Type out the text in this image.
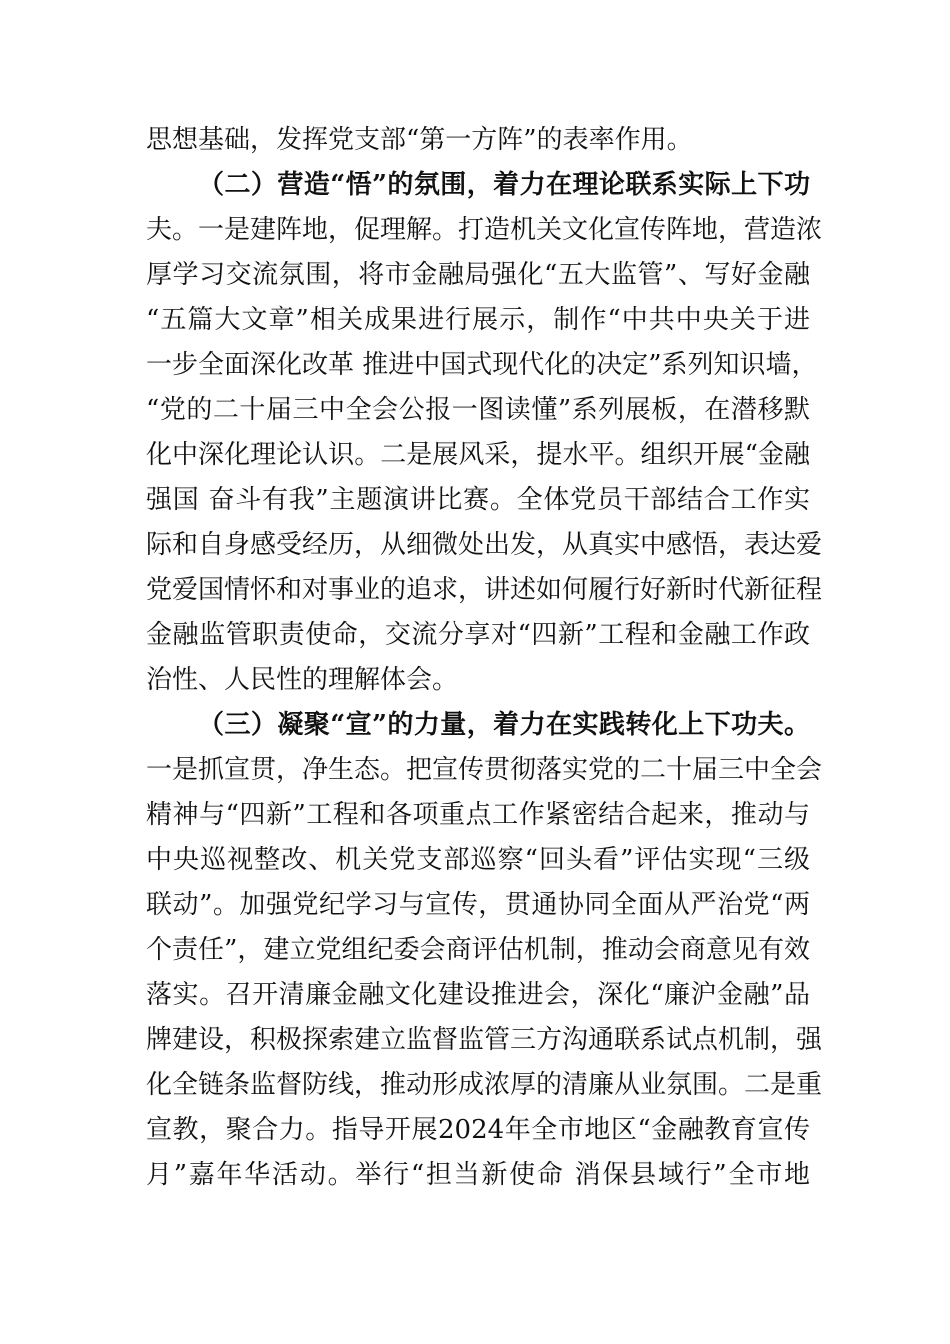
思想基础，发挥党支部“第一方阵”的表率作用。

（二）营造“悟”的氛围，着力在理论联系实际上下功

夫。一是建阵地，促理解。打造机关文化宣传阵地，营造浓

厚学习交流氛围，将市金融局强化“五大监管”、写好金融

“五篇大文章”相关成果进行展示，制作“中共中央关于进

一步全面深化改革 推进中国式现代化的决定”系列知识墙，

“党的二十届三中全会公报一图读懂”系列展板，在潜移默

化中深化理论认识。二是展风采，提水平。组织开展“金融

强国 奋斗有我”主题演讲比赛。全体党员干部结合工作实

际和自身感受经历，从细微处出发，从真实中感悟，表达爱

党爱国情怀和对事业的追求，讲述如何履行好新时代新征程

金融监管职责使命，交流分享对“四新”工程和金融工作政

治性、人民性的理解体会。

（三）凝聚“宣”的力量，着力在实践转化上下功夫。

一是抓宣贯，净生态。把宣传贯彻落实党的二十届三中全会

精神与“四新”工程和各项重点工作紧密结合起来，推动与

中央巡视整改、机关党支部巡察“回头看”评估实现“三级

联动”。加强党纪学习与宣传，贯通协同全面从严治党“两

个责任”，建立党组纪委会商评估机制，推动会商意见有效

落实。召开清廉金融文化建设推进会，深化“廉沪金融”品

牌建设，积极探索建立监督监管三方沟通联系试点机制，强

化全链条监督防线，推动形成浓厚的清廉从业氛围。二是重

宣教，聚合力。指导开展2024年全市地区“金融教育宣传

月”嘉年华活动。举行“担当新使命 消保县域行”全市地
